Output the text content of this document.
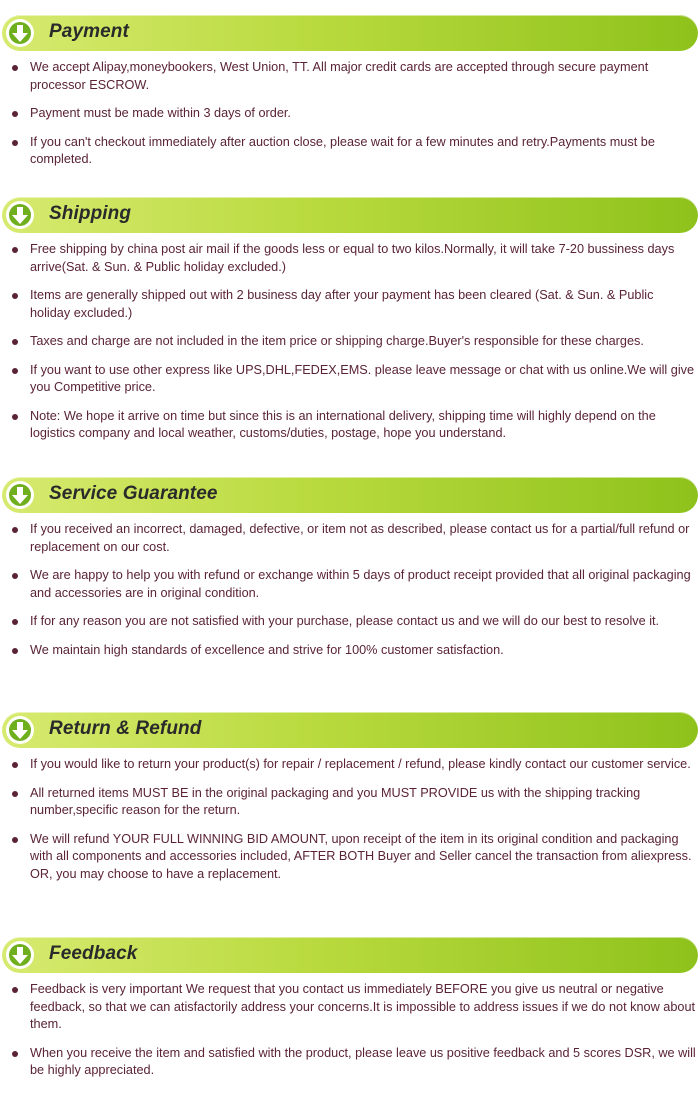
Payment
We accept Alipay,moneybookers, West Union, TT. All major credit cards are accepted through secure payment processor ESCROW.
Payment must be made within 3 days of order.
If you can't checkout immediately after auction close, please wait for a few minutes and retry.Payments must be completed.
Shipping
Free shipping by china post air mail if the goods less or equal to two kilos.Normally, it will take 7-20 bussiness days arrive(Sat. & Sun. & Public holiday excluded.)
Items are generally shipped out with 2 business day after your payment has been cleared (Sat. & Sun. & Public holiday excluded.)
Taxes and charge are not included in the item price or shipping charge.Buyer's responsible for these charges.
If you want to use other express like UPS,DHL,FEDEX,EMS. please leave message or chat with us online.We will give you Competitive price.
Note: We hope it arrive on time but since this is an international delivery, shipping time will highly depend on the logistics company and local weather, customs/duties, postage, hope you understand.
Service Guarantee
If you received an incorrect, damaged, defective, or item not as described, please contact us for a partial/full refund or replacement on our cost.
We are happy to help you with refund or exchange within 5 days of product receipt provided that all original packaging and accessories are in original condition.
If for any reason you are not satisfied with your purchase, please contact us and we will do our best to resolve it.
We maintain high standards of excellence and strive for 100% customer satisfaction.
Return & Refund
If you would like to return your product(s) for repair / replacement / refund, please kindly contact our customer service.
All returned items MUST BE in the original packaging and you MUST PROVIDE us with the shipping tracking number,specific reason for the return.
We will refund YOUR FULL WINNING BID AMOUNT, upon receipt of the item in its original condition and packaging with all components and accessories included, AFTER BOTH Buyer and Seller cancel the transaction from aliexpress. OR, you may choose to have a replacement.
Feedback
Feedback is very important We request that you contact us immediately BEFORE you give us neutral or negative feedback, so that we can atisfactorily address your concerns.It is impossible to address issues if we do not know about them.
When you receive the item and satisfied with the product, please leave us positive feedback and 5 scores DSR, we will be highly appreciated.
